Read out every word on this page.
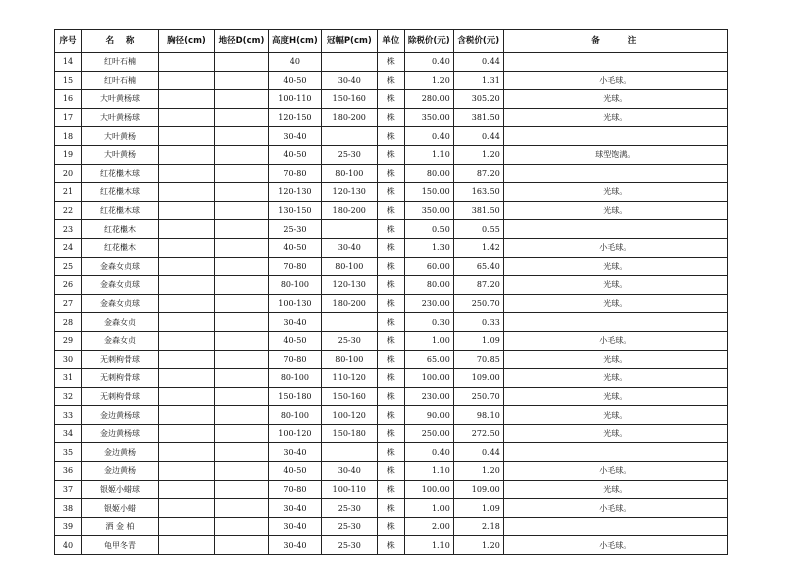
序号	名    称	胸径(cm)	地径D(cm)	高度H(cm)	冠幅P(cm)	单位	除税价(元)	含税价(元)	备注
14	红叶石楠			40		株	0.40	0.44	
15	红叶石楠			40-50	30-40	株	1.20	1.31	小毛球。
16	大叶黄杨球			100-110	150-160	株	280.00	305.20	光球。
17	大叶黄杨球			120-150	180-200	株	350.00	381.50	光球。
18	大叶黄杨			30-40		株	0.40	0.44	
19	大叶黄杨			40-50	25-30	株	1.10	1.20	球型饱满。
20	红花檵木球			70-80	80-100	株	80.00	87.20	
21	红花檵木球			120-130	120-130	株	150.00	163.50	光球。
22	红花檵木球			130-150	180-200	株	350.00	381.50	光球。
23	红花檵木			25-30		株	0.50	0.55	
24	红花檵木			40-50	30-40	株	1.30	1.42	小毛球。
25	金森女贞球			70-80	80-100	株	60.00	65.40	光球。
26	金森女贞球			80-100	120-130	株	80.00	87.20	光球。
27	金森女贞球			100-130	180-200	株	230.00	250.70	光球。
28	金森女贞			30-40		株	0.30	0.33	
29	金森女贞			40-50	25-30	株	1.00	1.09	小毛球。
30	无刺枸骨球			70-80	80-100	株	65.00	70.85	光球。
31	无刺枸骨球			80-100	110-120	株	100.00	109.00	光球。
32	无刺枸骨球			150-180	150-160	株	230.00	250.70	光球。
33	金边黄杨球			80-100	100-120	株	90.00	98.10	光球。
34	金边黄杨球			100-120	150-180	株	250.00	272.50	光球。
35	金边黄杨			30-40		株	0.40	0.44	
36	金边黄杨			40-50	30-40	株	1.10	1.20	小毛球。
37	银姬小蜡球			70-80	100-110	株	100.00	109.00	光球。
38	银姬小蜡			30-40	25-30	株	1.00	1.09	小毛球。
39	洒 金 柏			30-40	25-30	株	2.00	2.18	
40	龟甲冬青			30-40	25-30	株	1.10	1.20	小毛球。
